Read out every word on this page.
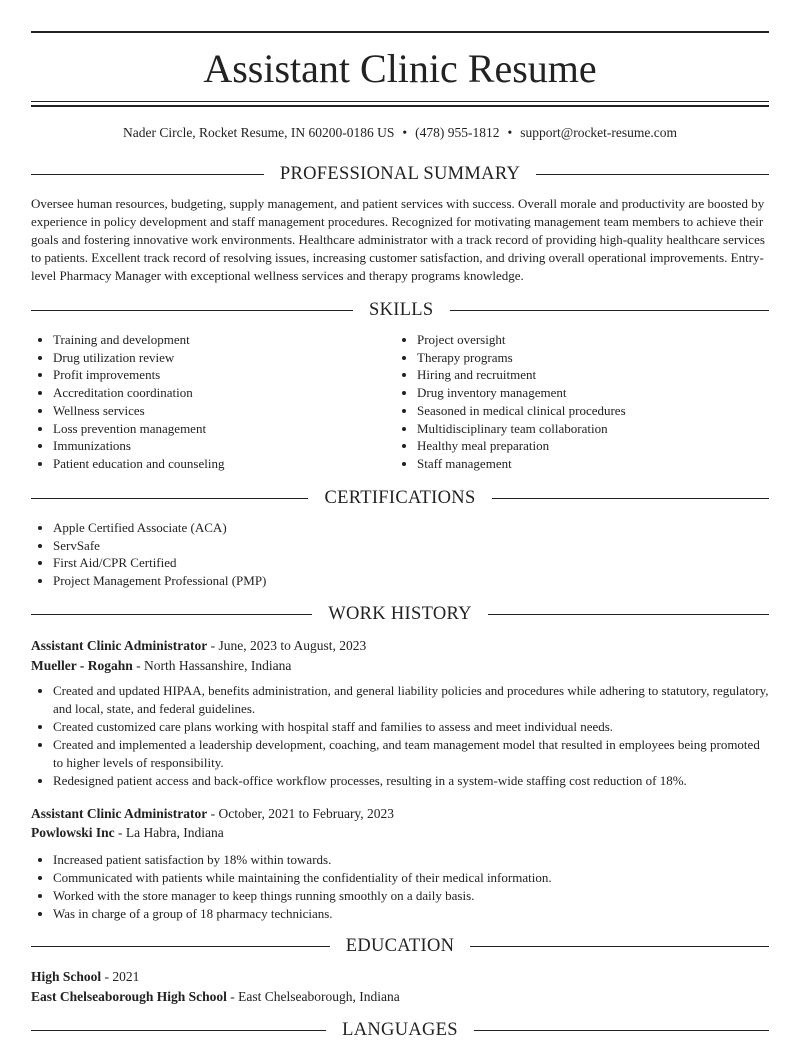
Assistant Clinic Resume
Nader Circle, Rocket Resume, IN 60200-0186 US • (478) 955-1812 • support@rocket-resume.com
PROFESSIONAL SUMMARY

Oversee human resources, budgeting, supply management, and patient services with success. Overall morale and productivity are boosted by experience in policy development and staff management procedures. Recognized for motivating management team members to achieve their goals and fostering innovative work environments. Healthcare administrator with a track record of providing high-quality healthcare services to patients. Excellent track record of resolving issues, increasing customer satisfaction, and driving overall operational improvements. Entry-level Pharmacy Manager with exceptional wellness services and therapy programs knowledge.

SKILLS
• Training and development
• Drug utilization review
• Profit improvements
• Accreditation coordination
• Wellness services
• Loss prevention management
• Immunizations
• Patient education and counseling
• Project oversight
• Therapy programs
• Hiring and recruitment
• Drug inventory management
• Seasoned in medical clinical procedures
• Multidisciplinary team collaboration
• Healthy meal preparation
• Staff management
CERTIFICATIONS
• Apple Certified Associate (ACA)
• ServSafe
• First Aid/CPR Certified
• Project Management Professional (PMP)
WORK HISTORY
Assistant Clinic Administrator - June, 2023 to August, 2023
Mueller - Rogahn - North Hassanshire, Indiana
• Created and updated HIPAA, benefits administration, and general liability policies and procedures while adhering to statutory, regulatory, and local, state, and federal guidelines.
• Created customized care plans working with hospital staff and families to assess and meet individual needs.
• Created and implemented a leadership development, coaching, and team management model that resulted in employees being promoted to higher levels of responsibility.
• Redesigned patient access and back-office workflow processes, resulting in a system-wide staffing cost reduction of 18%.
Assistant Clinic Administrator - October, 2021 to February, 2023
Powlowski Inc - La Habra, Indiana
• Increased patient satisfaction by 18% within towards.
• Communicated with patients while maintaining the confidentiality of their medical information.
• Worked with the store manager to keep things running smoothly on a daily basis.
• Was in charge of a group of 18 pharmacy technicians.
EDUCATION
High School - 2021
East Chelseaborough High School - East Chelseaborough, Indiana
LANGUAGES
